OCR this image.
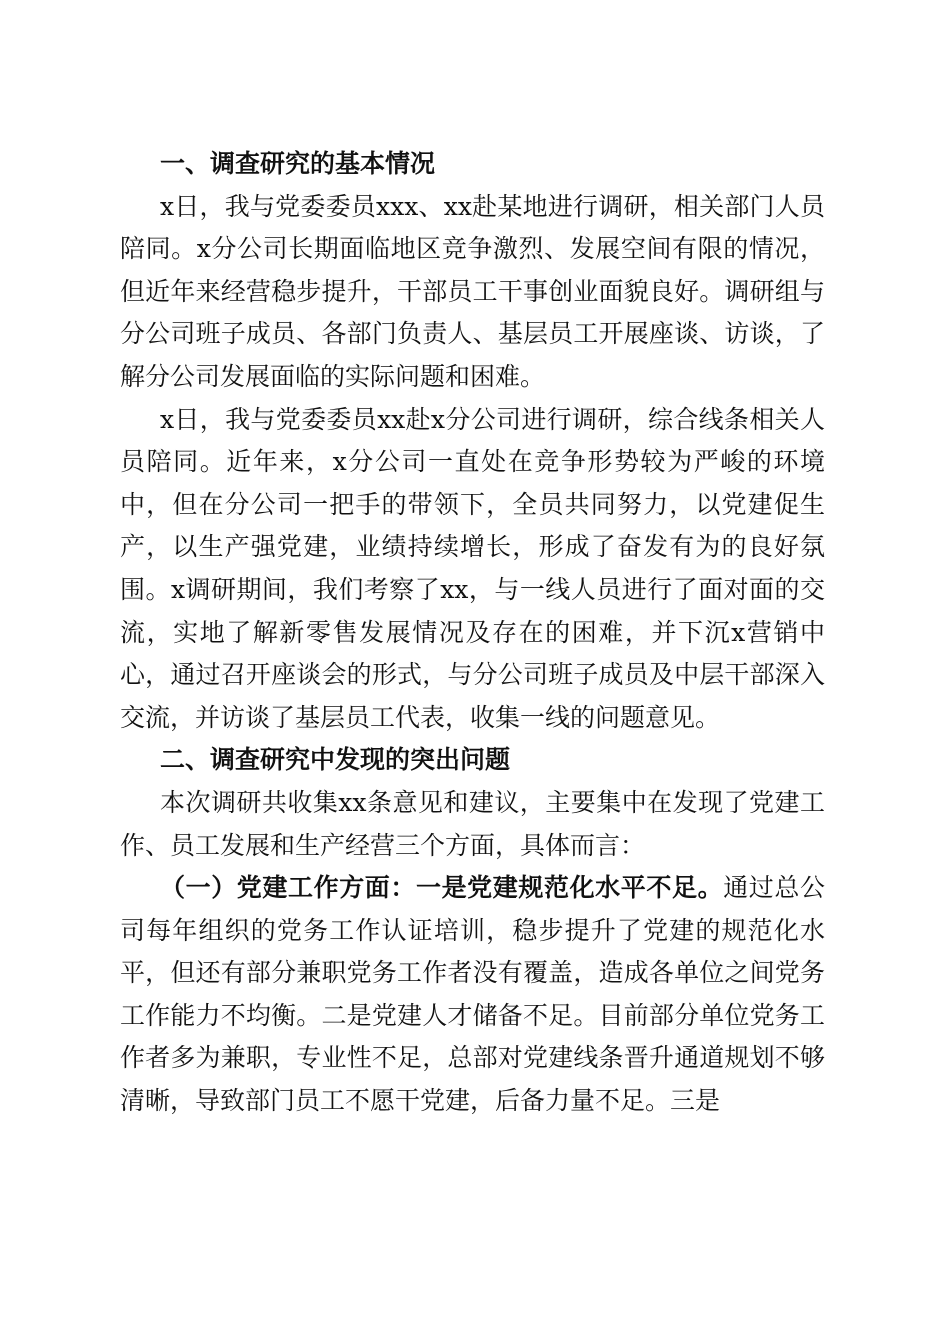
一、调查研究的基本情况

x日，我与党委委员xxx、xx赴某地进行调研，相关部门人员陪同。x分公司长期面临地区竞争激烈、发展空间有限的情况，但近年来经营稳步提升，干部员工干事创业面貌良好。调研组与分公司班子成员、各部门负责人、基层员工开展座谈、访谈，了解分公司发展面临的实际问题和困难。

x日，我与党委委员xx赴x分公司进行调研，综合线条相关人员陪同。近年来，x分公司一直处在竞争形势较为严峻的环境中，但在分公司一把手的带领下，全员共同努力，以党建促生产，以生产强党建，业绩持续增长，形成了奋发有为的良好氛围。x调研期间，我们考察了xx，与一线人员进行了面对面的交流，实地了解新零售发展情况及存在的困难，并下沉x营销中心，通过召开座谈会的形式，与分公司班子成员及中层干部深入交流，并访谈了基层员工代表，收集一线的问题意见。

二、调查研究中发现的突出问题

本次调研共收集xx条意见和建议，主要集中在发现了党建工作、员工发展和生产经营三个方面，具体而言：

（一）党建工作方面：一是党建规范化水平不足。通过总公司每年组织的党务工作认证培训，稳步提升了党建的规范化水平，但还有部分兼职党务工作者没有覆盖，造成各单位之间党务工作能力不均衡。二是党建人才储备不足。目前部分单位党务工作者多为兼职，专业性不足，总部对党建线条晋升通道规划不够清晰，导致部门员工不愿干党建，后备力量不足。三是
